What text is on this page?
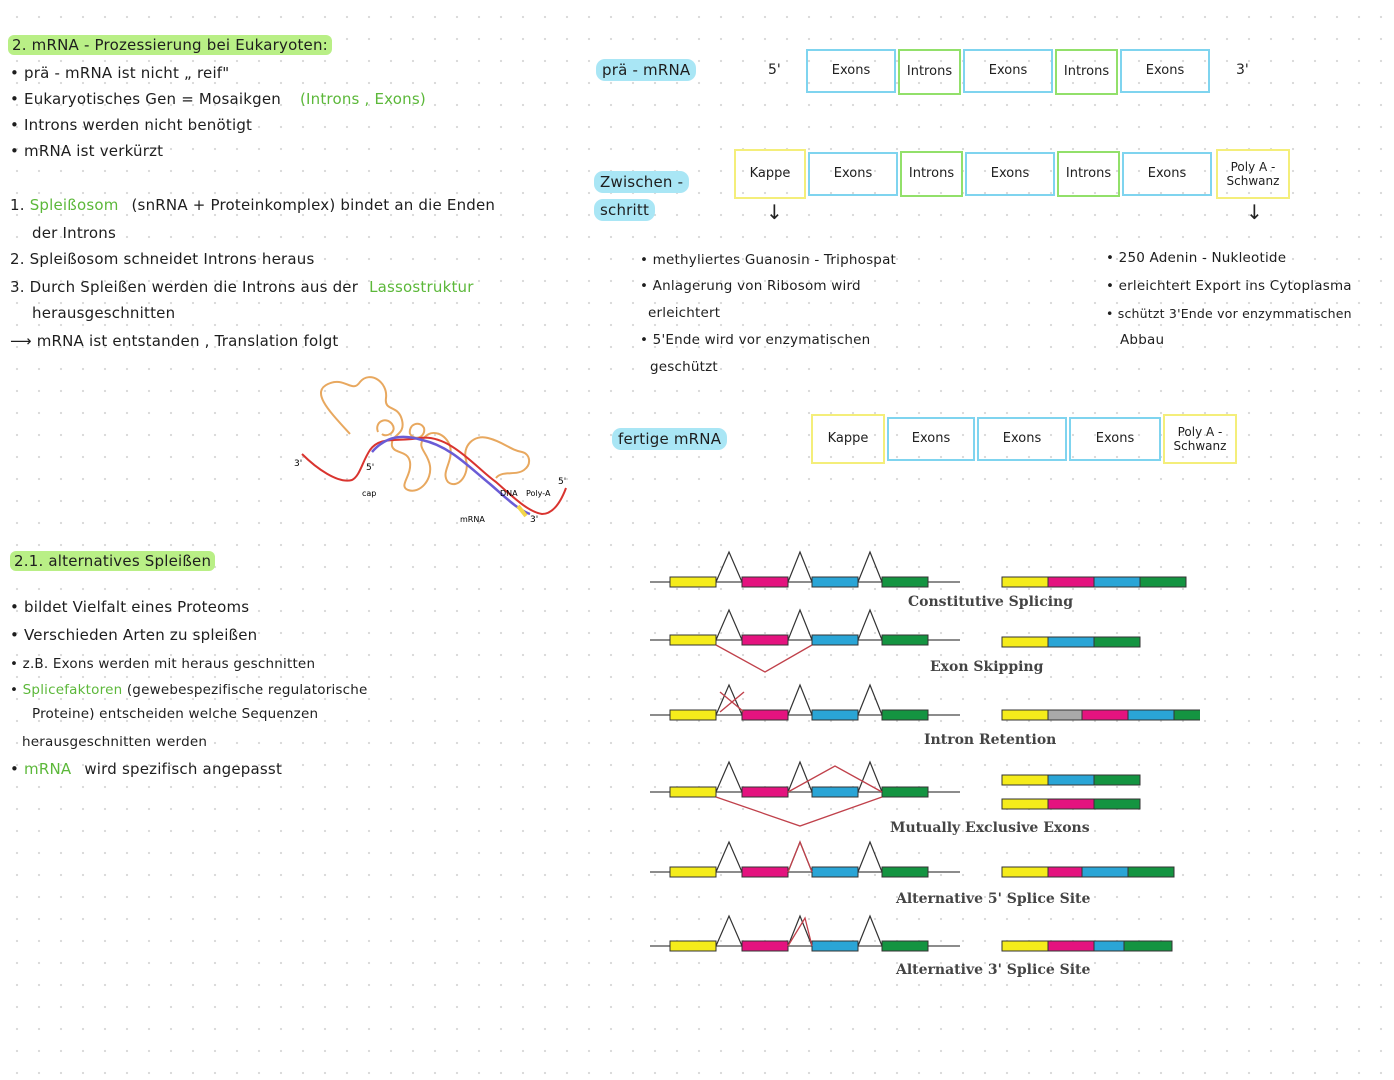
2. mRNA - Prozessierung bei Eukaryoten:
• prä - mRNA ist nicht „ reif"
• Eukaryotisches Gen = Mosaikgen (Introns , Exons)
• Introns werden nicht benötigt
• mRNA ist verkürzt
1. Spleißosom (snRNA + Proteinkomplex) bindet an die Enden
der Introns
2. Spleißosom schneidet Introns heraus
3. Durch Spleißen werden die Introns aus der Lassostruktur
herausgeschnitten
⟶ mRNA ist entstanden , Translation folgt
3'	5'
cap	DNA Poly-A
5'
3'
mRNA
2.1. alternatives Spleißen
• bildet Vielfalt eines Proteoms
• Verschieden Arten zu spleißen
• z.B. Exons werden mit heraus geschnitten
• Splicefaktoren (gewebespezifische regulatorische
Proteine) entscheiden welche Sequenzen
herausgeschnitten werden
• mRNA wird spezifisch angepasst
prä - mRNA	5'	Exons	Introns	Exons	Introns	Exons	3'
Zwischen -
schritt
Kappe	Exons	Introns	Exons	Introns	Exons	Poly A - Schwanz
↓	↓
• methyliertes Guanosin - Triphospat
• Anlagerung von Ribosom wird
erleichtert
• 5'Ende wird vor enzymatischen
geschützt
• 250 Adenin - Nukleotide
• erleichtert Export ins Cytoplasma
• schützt 3'Ende vor enzymmatischen
Abbau
fertige mRNA	Kappe	Exons	Exons	Exons	Poly A - Schwanz
Constitutive Splicing
Exon Skipping
Intron Retention
Mutually Exclusive Exons
Alternative 5' Splice Site
Alternative 3' Splice Site
